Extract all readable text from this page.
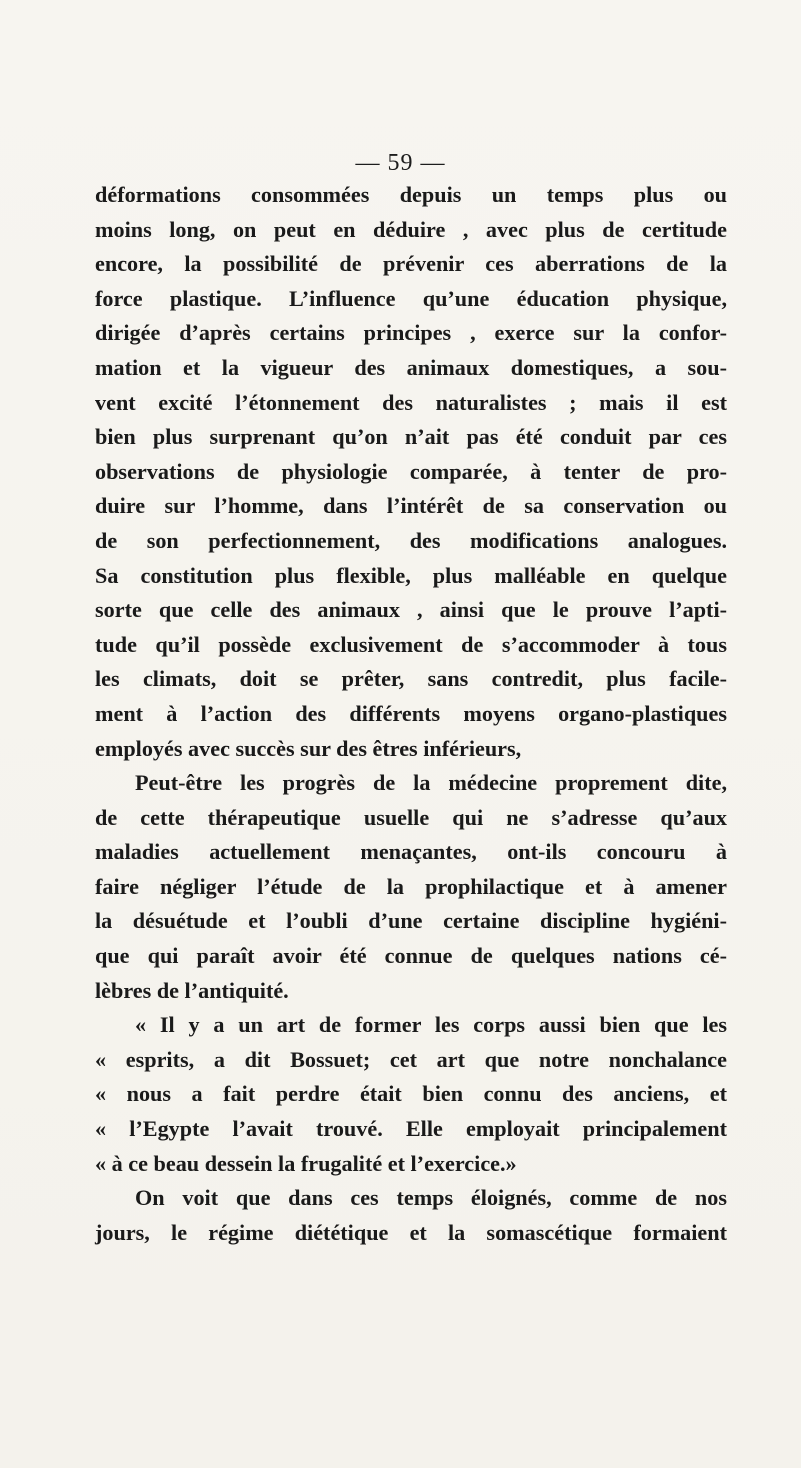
— 59 —
déformations consommées depuis un temps plus ou
moins long, on peut en déduire , avec plus de certitude
encore, la possibilité de prévenir ces aberrations de la
force plastique. L’influence qu’une éducation physique,
dirigée d’après certains principes , exerce sur la confor-
mation et la vigueur des animaux domestiques, a sou-
vent excité l’étonnement des naturalistes ; mais il est
bien plus surprenant qu’on n’ait pas été conduit par ces
observations de physiologie comparée, à tenter de pro-
duire sur l’homme, dans l’intérêt de sa conservation ou
de son perfectionnement, des modifications analogues.
Sa constitution plus flexible, plus malléable en quelque
sorte que celle des animaux , ainsi que le prouve l’apti-
tude qu’il possède exclusivement de s’accommoder à tous
les climats, doit se prêter, sans contredit, plus facile-
ment à l’action des différents moyens organo-plastiques
employés avec succès sur des êtres inférieurs,
Peut-être les progrès de la médecine proprement dite,
de cette thérapeutique usuelle qui ne s’adresse qu’aux
maladies actuellement menaçantes, ont-ils concouru à
faire négliger l’étude de la prophilactique et à amener
la désuétude et l’oubli d’une certaine discipline hygiéni-
que qui paraît avoir été connue de quelques nations cé-
lèbres de l’antiquité.
« Il y a un art de former les corps aussi bien que les
« esprits, a dit Bossuet; cet art que notre nonchalance
« nous a fait perdre était bien connu des anciens, et
« l’Egypte l’avait trouvé. Elle employait principalement
« à ce beau dessein la frugalité et l’exercice.»
On voit que dans ces temps éloignés, comme de nos
jours, le régime diététique et la somascétique formaient
